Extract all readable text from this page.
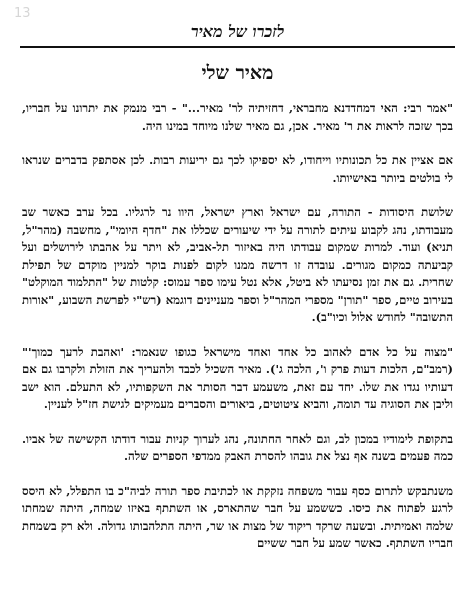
13
לזכרו של מאיר
מאיר שלי

"אמר רבי: האי דמחדדנא מחבראי, דחזיתיה לר' מאיר..." - רבי מנמק את יתרונו על חבריו, בכך שזכה לראות את ר' מאיר. אכן, גם מאיר שלנו מיוחד במינו היה.

אם אציין את כל תכונותיו וייחודו, לא יספיקו לכך גם יריעות רבות. לכן אסתפק בדברים שנראו לי בולטים ביותר באישיותו.

שלושת היסודות - התורה, עם ישראל וארץ ישראל, היוו נר לרגליו. בכל ערב כאשר שב מעבודתו, נהג לקבוע עיתים לתורה על ידי שיעורים שכללו את "חדף היומי", מחשבה (מהר"ל, תניא) ועוד. למרות שמקום עבודתו היה באיזור תל-אביב, לא ויתר על אהבתו לירושלים ועל קביעתה כמקום מגורים. עובדה זו דרשה ממנו לקום לפנות בוקר למניין מוקדם של תפילת שחרית. גם את זמן נסיעתו לא ביטל, אלא נטל עימו ספר עמוס: קלטות של "התלמוד המוקלט" בעירוב טיים, ספר "תורן" מספרי המהר"ל וספר מעניינים דוגמא (רש"י לפרשת השבוע, "אורות התשובה" לחודש אלול וכיו"ב).

"מצוה על כל אדם לאהוב כל אחד ואחד מישראל כגופו שנאמר: 'ואהבת לרעך כמוך'" (רמב"ם, הלכות דעות פרק ו', הלכה ג'). מאיר השכיל לכבד ולהעריך את הזולת ולקרבו גם אם דעותיו נגדו את שלו. יחד עם זאת, משעמע דבר הסותר את השקפותיו, לא התעלם. הוא ישב וליבן את הסוגיה עד תומה, והביא ציטוטים, ביאורים והסברים מעמיקים לגישת חז"ל לעניין.

בתקופת לימודיו במכון לב, וגם לאחר החתונה, נהג לערוך קניות עבור דודתו הקשישה של אביו. כמה פעמים בשנה אף נצל את גובהו להסרת האבק ממדפי הספרים שלה.

משנתבקש לתרום כסף עבור משפחה נזקקת או לכתיבת ספר תורה לביה"כ בו התפלל, לא היסס לרגע לפתוח את כיסו. כששמע על חבר שהתארס, או השתתף באיזו שמחה, היתה שמחתו שלמה ואמיתית. ובשעה שרקד ריקוד של מצות או שר, היתה התלהבותו גדולה. ולא רק בשמחת חבריו השתתף. כאשר שמע על חבר ששיים
